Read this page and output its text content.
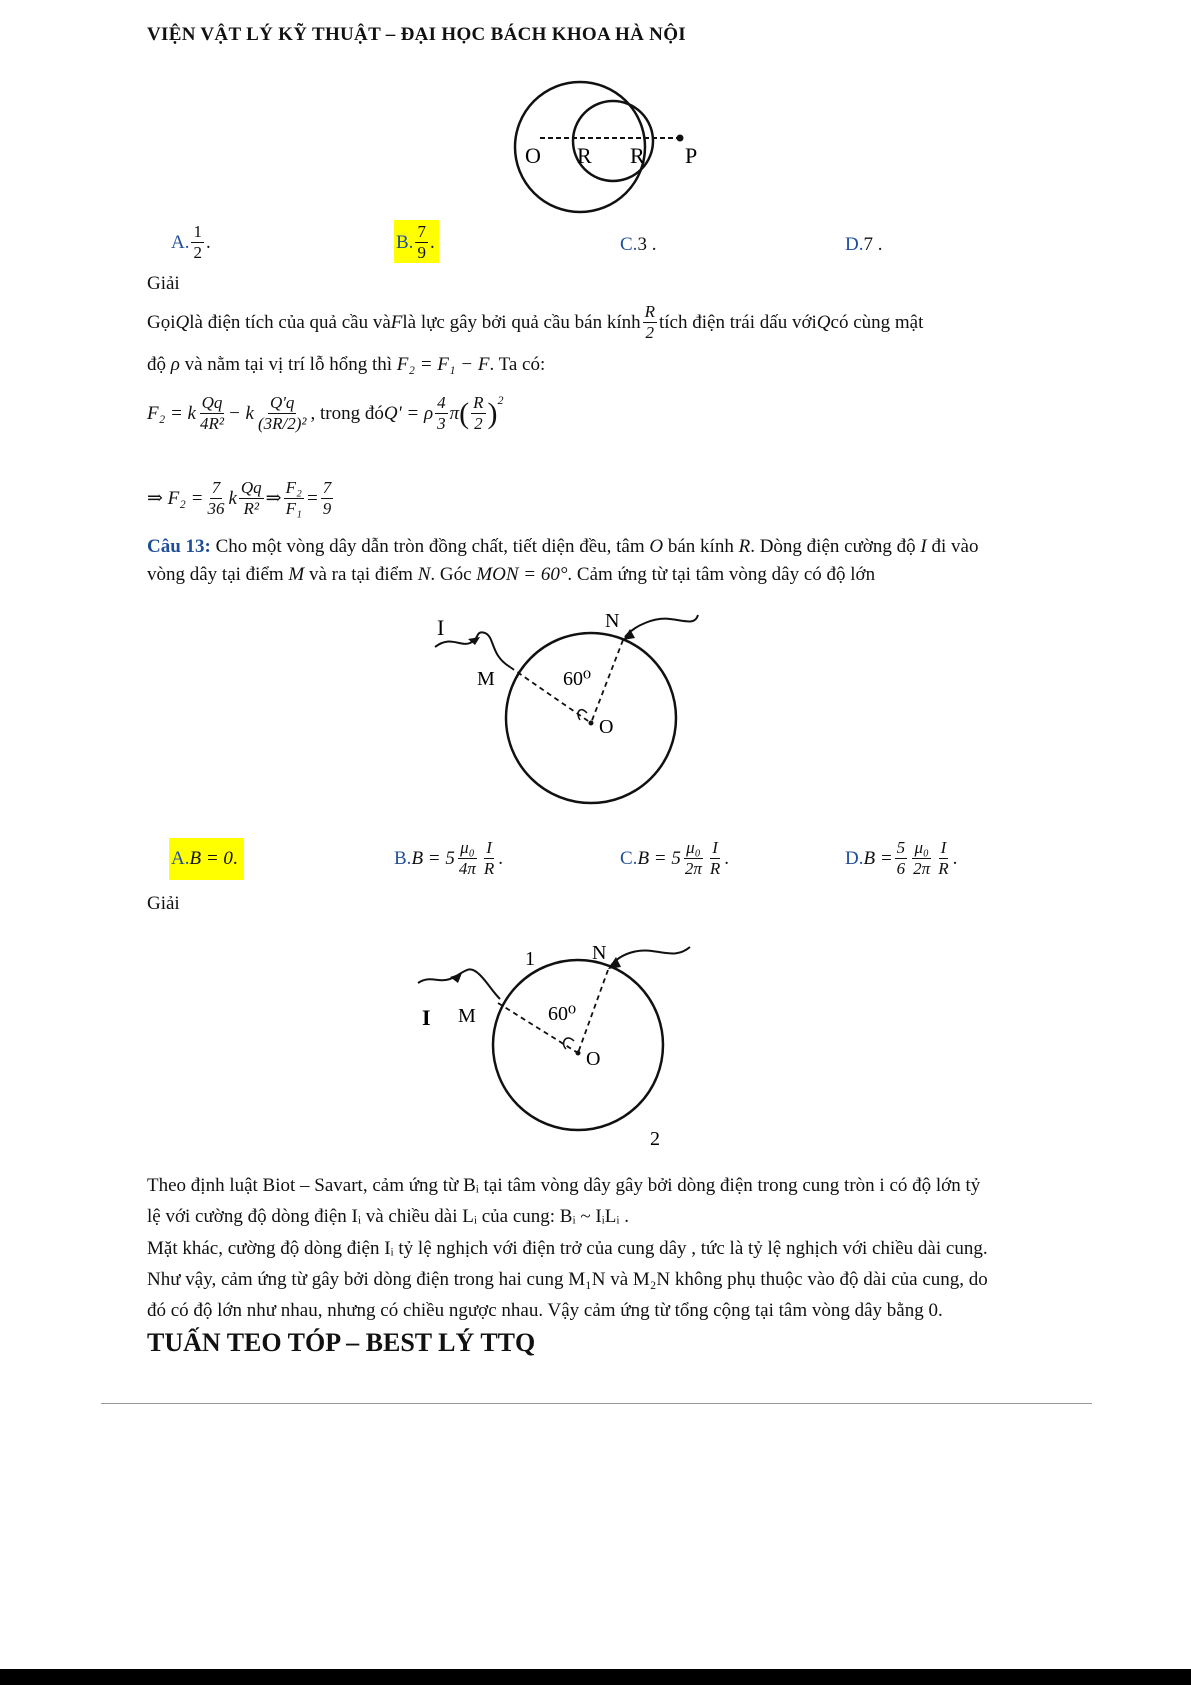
VIỆN VẬT LÝ KỸ THUẬT – ĐẠI HỌC BÁCH KHOA HÀ NỘI
O R R P
A. $\frac{1}{2}$ .	B. $\frac{7}{9}$ .	C. 3 .	D. 7 .
Giải
Gọi Q là điện tích của quả cầu và F là lực gây bởi quả cầu bán kính $\frac{R}{2}$ tích điện trái dấu với Q có cùng mật
độ ρ và nằm tại vị trí lỗ hổng thì F₂ = F₁ − F. Ta có:
F₂ = k $\frac{Qq}{\text{4R²}} - k \frac{Q'q}{\text{(3R/2)²}}$ , trong đó Q' = ρ $\frac{4}{3}$ π ( $\frac{R}{2} )^2$
⇒ $F_2 = \frac{7}{36}$ k $\frac{Qq}{\text{R²}}$ ⇒ $\frac{\text{F₂}}{\text{F₁}} = \frac{7}{9}$
Câu 13: Cho một vòng dây dẫn tròn đồng chất, tiết diện đều, tâm O bán kính R. Dòng điện cường độ I đi vào
vòng dây tại điểm M và ra tại điểm N. Góc MON = 60°. Cảm ứng từ tại tâm vòng dây có độ lớn
I	N
M	60⁰
O
A. B = 0 .	B. $B = 5 \frac{\text{μ₀}}{4\pi} \frac{I}{R}$ .	C. $B = 5 \frac{\text{μ₀}}{2\pi} \frac{I}{R}$ .	D. $B = \frac{5}{6} \frac{\text{μ₀}}{2\pi} \frac{I}{R}$ .
Giải
1	N
I M	60⁰
O
2
Theo định luật Biot – Savart, cảm ứng từ Bᵢ tại tâm vòng dây gây bởi dòng điện trong cung tròn i có độ lớn tỷ
lệ với cường độ dòng điện Iᵢ và chiều dài Lᵢ của cung: Bᵢ ~ IᵢLᵢ .
Mặt khác, cường độ dòng điện Iᵢ tỷ lệ nghịch với điện trở của cung dây , tức là tỷ lệ nghịch với chiều dài cung.
Như vậy, cảm ứng từ gây bởi dòng điện trong hai cung M₁N và M₂N không phụ thuộc vào độ dài của cung, do
đó có độ lớn như nhau, nhưng có chiều ngược nhau. Vậy cảm ứng từ tổng cộng tại tâm vòng dây bằng 0.
TUẤN TEO TÓP – BEST LÝ TTQ
